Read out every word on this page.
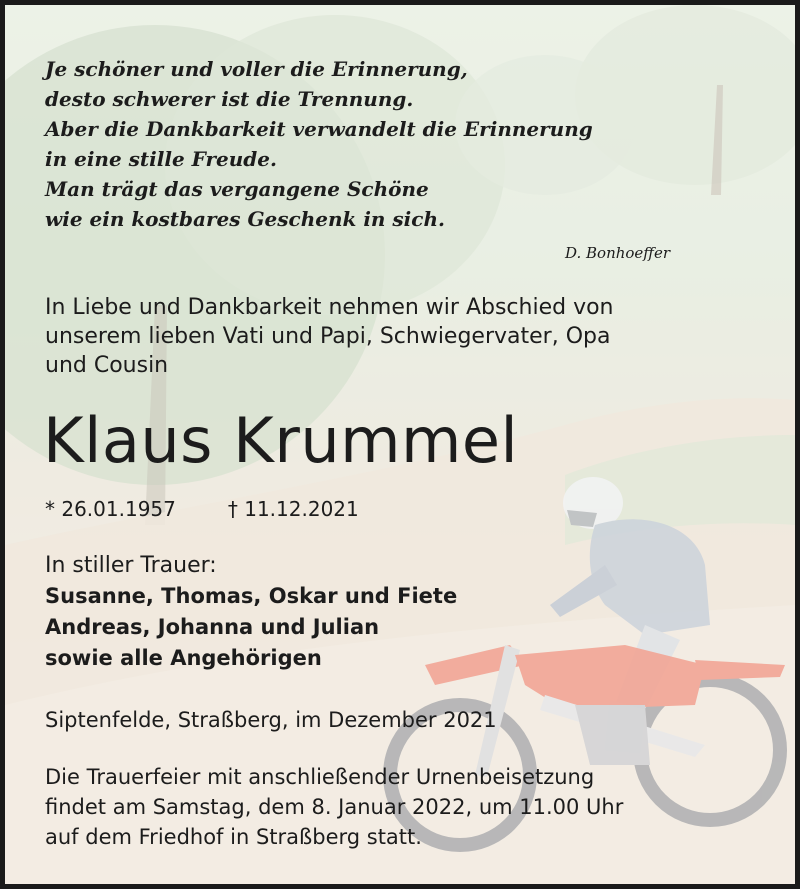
Je schöner und voller die Erinnerung,
desto schwerer ist die Trennung.
Aber die Dankbarkeit verwandelt die Erinnerung
in eine stille Freude.
Man trägt das vergangene Schöne
wie ein kostbares Geschenk in sich.
D. Bonhoeffer
In Liebe und Dankbarkeit nehmen wir Abschied von
unserem lieben Vati und Papi, Schwiegervater, Opa
und Cousin
Klaus Krummel
* 26.01.1957	† 11.12.2021
In stiller Trauer:
Susanne, Thomas, Oskar und Fiete
Andreas, Johanna und Julian
sowie alle Angehörigen
Siptenfelde, Straßberg, im Dezember 2021
Die Trauerfeier mit anschließender Urnenbeisetzung
findet am Samstag, dem 8. Januar 2022, um 11.00 Uhr
auf dem Friedhof in Straßberg statt.
